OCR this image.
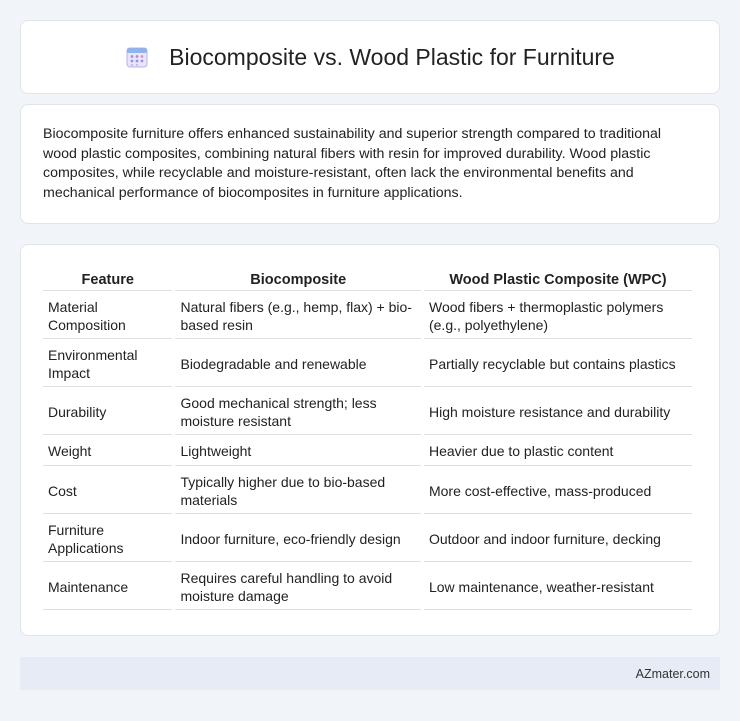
Biocomposite vs. Wood Plastic for Furniture

Biocomposite furniture offers enhanced sustainability and superior strength compared to traditional wood plastic composites, combining natural fibers with resin for improved durability. Wood plastic composites, while recyclable and moisture-resistant, often lack the environmental benefits and mechanical performance of biocomposites in furniture applications.

Feature	Biocomposite	Wood Plastic Composite (WPC)
Material Composition	Natural fibers (e.g., hemp, flax) + bio-based resin	Wood fibers + thermoplastic polymers (e.g., polyethylene)
Environmental Impact	Biodegradable and renewable	Partially recyclable but contains plastics
Durability	Good mechanical strength; less moisture resistant	High moisture resistance and durability
Weight	Lightweight	Heavier due to plastic content
Cost	Typically higher due to bio-based materials	More cost-effective, mass-produced
Furniture Applications	Indoor furniture, eco-friendly design	Outdoor and indoor furniture, decking
Maintenance	Requires careful handling to avoid moisture damage	Low maintenance, weather-resistant
AZmater.com
